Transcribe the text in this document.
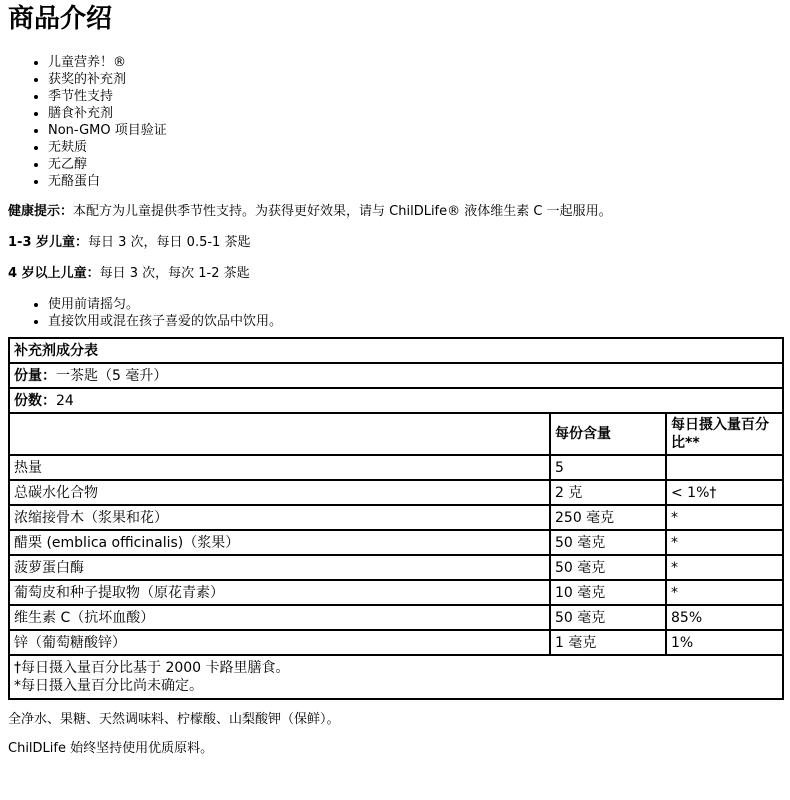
商品介绍
• 儿童营养！®
• 获奖的补充剂
• 季节性支持
• 膳食补充剂
• Non-GMO 项目验证
• 无麸质
• 无乙醇
• 无酪蛋白

健康提示：本配方为儿童提供季节性支持。为获得更好效果，请与 ChilDLife® 液体维生素 C 一起服用。

1-3 岁儿童：每日 3 次，每日 0.5-1 茶匙

4 岁以上儿童：每日 3 次，每次 1-2 茶匙

• 使用前请摇匀。
• 直接饮用或混在孩子喜爱的饮品中饮用。
补充剂成分表		
份量：一茶匙（5 毫升）		
份数：24		
	每份含量	每日摄入量百分比**
热量	5	
总碳水化合物	2 克	< 1%†
浓缩接骨木（浆果和花）	250 毫克	*
醋栗 (emblica officinalis)（浆果）	50 毫克	*
菠萝蛋白酶	50 毫克	*
葡萄皮和种子提取物（原花青素）	10 毫克	*
维生素 C（抗坏血酸）	50 毫克	85%
锌（葡萄糖酸锌）	1 毫克	1%

†每日摄入量百分比基于 2000 卡路里膳食。
*每日摄入量百分比尚未确定。		

全净水、果糖、天然调味料、柠檬酸、山梨酸钾（保鲜）。

ChilDLife 始终坚持使用优质原料。
